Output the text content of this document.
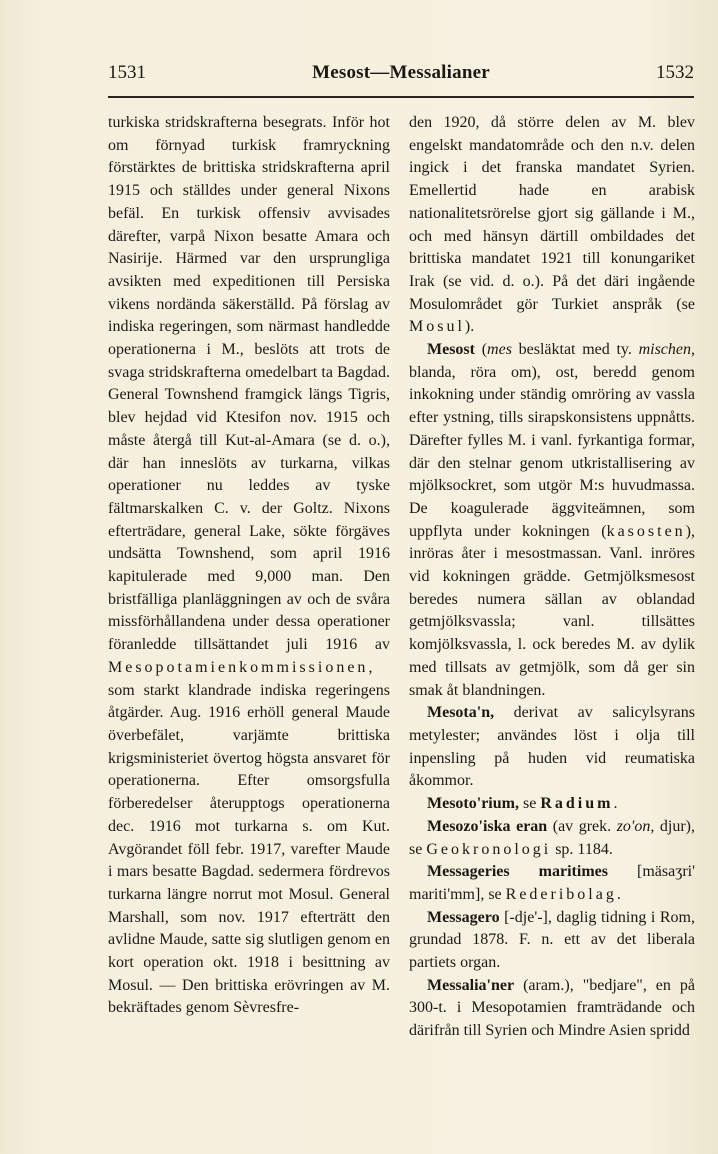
1531	Mesost—Messalianer	1532

turkiska stridskrafterna besegrats. Inför hot om förnyad turkisk framryckning förstärktes de brittiska stridskrafterna april 1915 och ställdes under general Nixons befäl. En turkisk offensiv avvisades därefter, varpå Nixon besatte Amara och Nasirije. Härmed var den ursprungliga avsikten med expeditionen till Persiska vikens nordända säkerställd. På förslag av indiska regeringen, som närmast handledde operationerna i M., beslöts att trots de svaga stridskrafterna omedelbart ta Bagdad. General Townshend framgick längs Tigris, blev hejdad vid Ktesifon nov. 1915 och måste återgå till Kut-al-Amara (se d. o.), där han inneslöts av turkarna, vilkas operationer nu leddes av tyske fältmarskalken C. v. der Goltz. Nixons efterträdare, general Lake, sökte förgäves undsätta Townshend, som april 1916 kapitulerade med 9,000 man. Den bristfälliga planläggningen av och de svåra missförhållandena under dessa operationer föranledde tillsättandet juli 1916 av Mesopotamienkommissionen, som starkt klandrade indiska regeringens åtgärder. Aug. 1916 erhöll general Maude överbefälet, varjämte brittiska krigsministeriet övertog högsta ansvaret för operationerna. Efter omsorgsfulla förberedelser återupptogs operationerna dec. 1916 mot turkarna s. om Kut. Avgörandet föll febr. 1917, varefter Maude i mars besatte Bagdad. sedermera fördrevos turkarna längre norrut mot Mosul. General Marshall, som nov. 1917 efterträtt den avlidne Maude, satte sig slutligen genom en kort operation okt. 1918 i besittning av Mosul. — Den brittiska erövringen av M. bekräftades genom Sèvresfre-

den 1920, då större delen av M. blev engelskt mandatområde och den n.v. delen ingick i det franska mandatet Syrien. Emellertid hade en arabisk nationalitetsrörelse gjort sig gällande i M., och med hänsyn därtill ombildades det brittiska mandatet 1921 till konungariket Irak (se vid. d. o.). På det däri ingående Mosulområdet gör Turkiet anspråk (se Mosul).

Mesost (mes besläktat med ty. mischen, blanda, röra om), ost, beredd genom inkokning under ständig omröring av vassla efter ystning, tills sirapskonsistens uppnåtts. Därefter fylles M. i vanl. fyrkantiga formar, där den stelnar genom utkristallisering av mjölksockret, som utgör M:s huvudmassa. De koagulerade äggviteämnen, som uppflyta under kokningen (kasosten), inröras åter i mesostmassan. Vanl. inröres vid kokningen grädde. Getmjölksmesost beredes numera sällan av oblandad getmjölksvassla; vanl. tillsättes komjölksvassla, l. ock beredes M. av dylik med tillsats av getmjölk, som då ger sin smak åt blandningen.

Mesota'n, derivat av salicylsyrans metylester; användes löst i olja till inpensling på huden vid reumatiska åkommor.

Mesoto'rium, se Radium.

Mesozo'iska eran (av grek. zo'on, djur), se Geokronologi sp. 1184.

Messageries maritimes [mäsaʒri' mariti'mm], se Rederibolag.

Messagero [-dje'-], daglig tidning i Rom, grundad 1878. F. n. ett av det liberala partiets organ.

Messalia'ner (aram.), "bedjare", en på 300-t. i Mesopotamien framträdande och därifrån till Syrien och Mindre Asien spridd
